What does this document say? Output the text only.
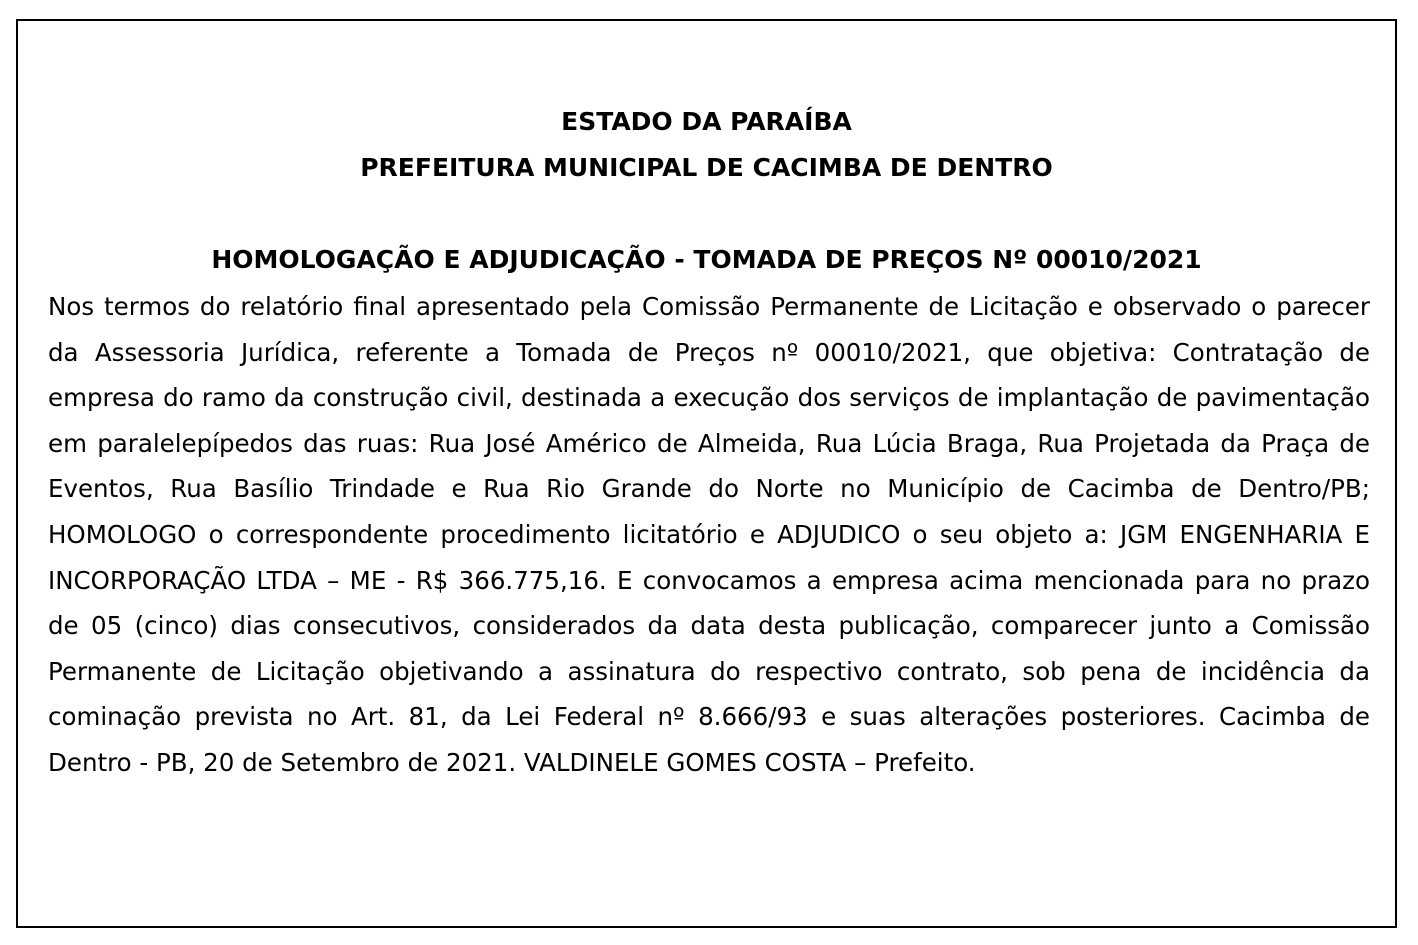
ESTADO DA PARAÍBA
PREFEITURA MUNICIPAL DE CACIMBA DE DENTRO
HOMOLOGAÇÃO E ADJUDICAÇÃO - TOMADA DE PREÇOS Nº 00010/2021

Nos termos do relatório final apresentado pela Comissão Permanente de Licitação e observado o parecer da Assessoria Jurídica, referente a Tomada de Preços nº 00010/2021, que objetiva: Contratação de empresa do ramo da construção civil, destinada a execução dos serviços de implantação de pavimentação em paralelepípedos das ruas: Rua José Américo de Almeida, Rua Lúcia Braga, Rua Projetada da Praça de Eventos, Rua Basílio Trindade e Rua Rio Grande do Norte no Município de Cacimba de Dentro/PB; HOMOLOGO o correspondente procedimento licitatório e ADJUDICO o seu objeto a: JGM ENGENHARIA E INCORPORAÇÃO LTDA – ME - R$ 366.775,16. E convocamos a empresa acima mencionada para no prazo de 05 (cinco) dias consecutivos, considerados da data desta publicação, comparecer junto a Comissão Permanente de Licitação objetivando a assinatura do respectivo contrato, sob pena de incidência da cominação prevista no Art. 81, da Lei Federal nº 8.666/93 e suas alterações posteriores. Cacimba de Dentro - PB, 20 de Setembro de 2021. VALDINELE GOMES COSTA – Prefeito.
